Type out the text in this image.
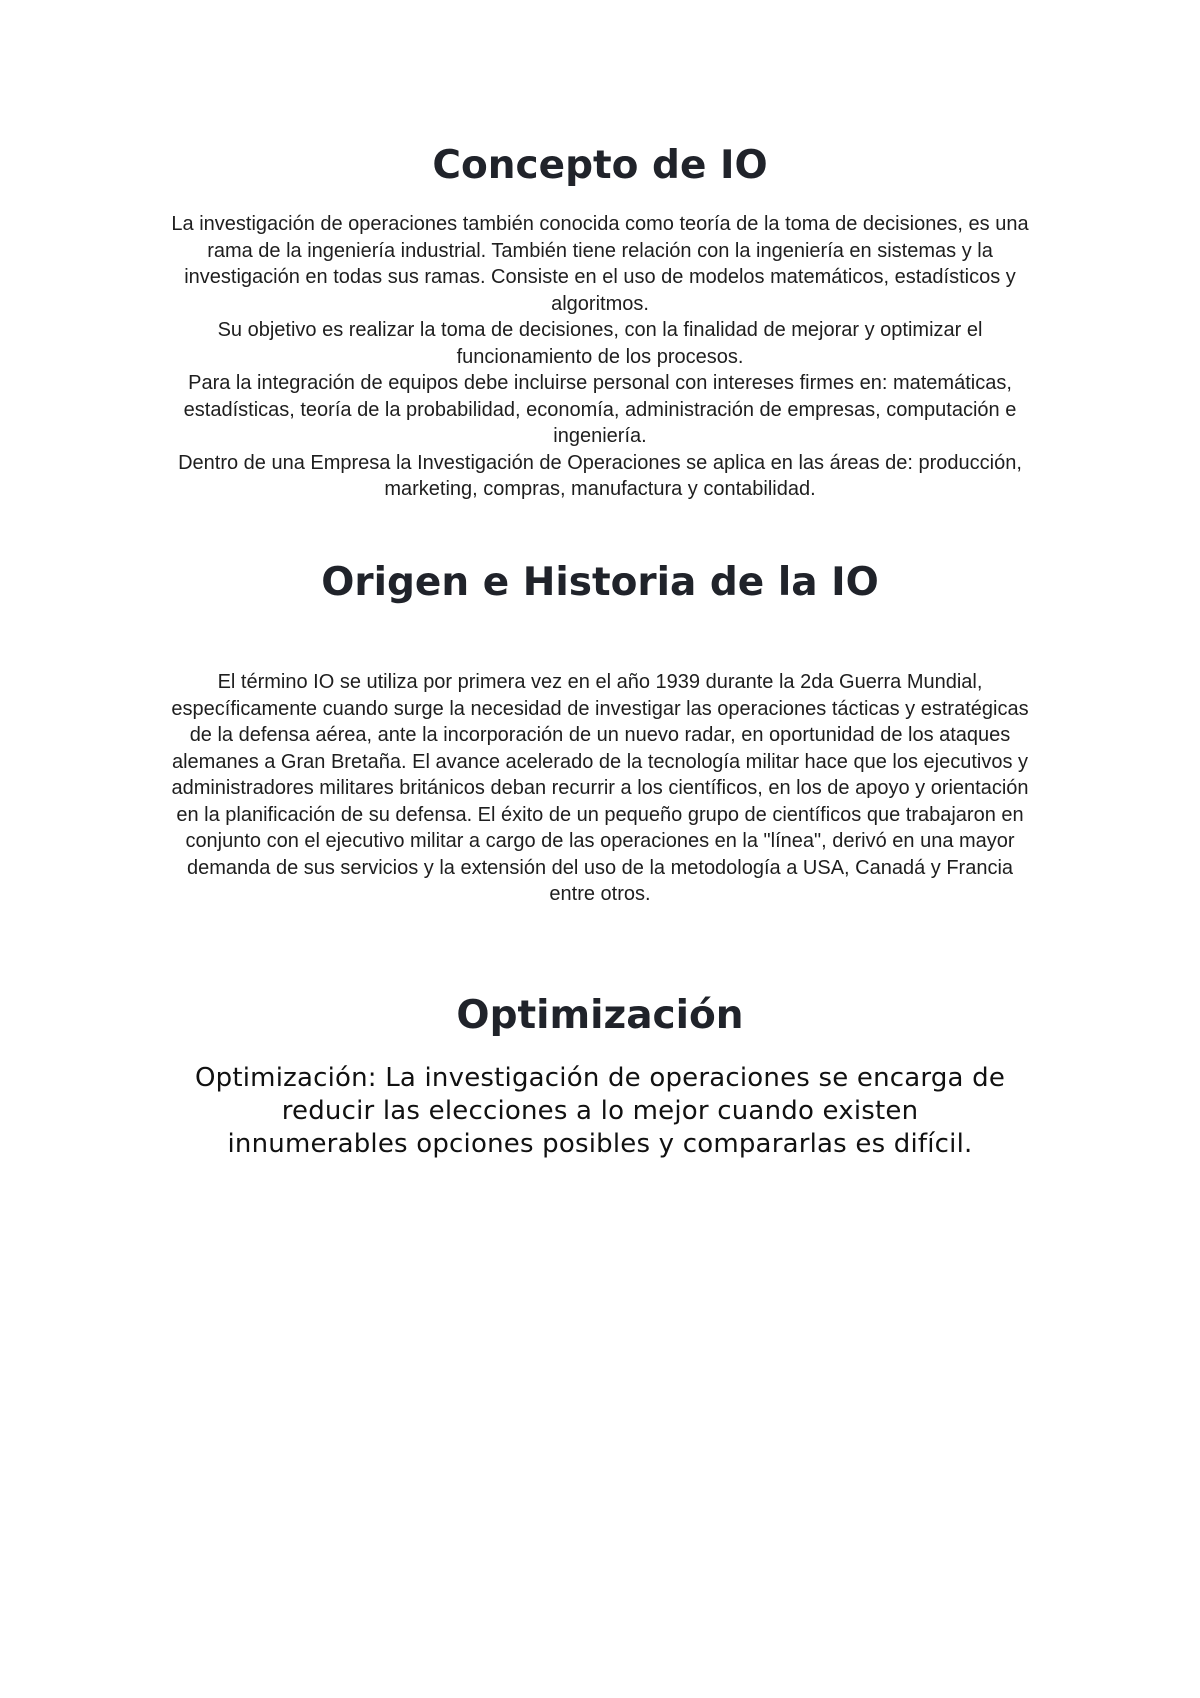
Concepto de IO

La investigación de operaciones también conocida como teoría de la toma de decisiones, es una rama de la ingeniería industrial. También tiene relación con la ingeniería en sistemas y la investigación en todas sus ramas. Consiste en el uso de modelos matemáticos, estadísticos y algoritmos.

Su objetivo es realizar la toma de decisiones, con la finalidad de mejorar y optimizar el funcionamiento de los procesos.

Para la integración de equipos debe incluirse personal con intereses firmes en: matemáticas, estadísticas, teoría de la probabilidad, economía, administración de empresas, computación e ingeniería.

Dentro de una Empresa la Investigación de Operaciones se aplica en las áreas de: producción, marketing, compras, manufactura y contabilidad.

Origen e Historia de la IO

El término IO se utiliza por primera vez en el año 1939 durante la 2da Guerra Mundial, específicamente cuando surge la necesidad de investigar las operaciones tácticas y estratégicas de la defensa aérea, ante la incorporación de un nuevo radar, en oportunidad de los ataques alemanes a Gran Bretaña. El avance acelerado de la tecnología militar hace que los ejecutivos y administradores militares británicos deban recurrir a los científicos, en los de apoyo y orientación en la planificación de su defensa. El éxito de un pequeño grupo de científicos que trabajaron en conjunto con el ejecutivo militar a cargo de las operaciones en la "línea", derivó en una mayor demanda de sus servicios y la extensión del uso de la metodología a USA, Canadá y Francia entre otros.

Optimización

Optimización: La investigación de operaciones se encarga de reducir las elecciones a lo mejor cuando existen innumerables opciones posibles y compararlas es difícil.
